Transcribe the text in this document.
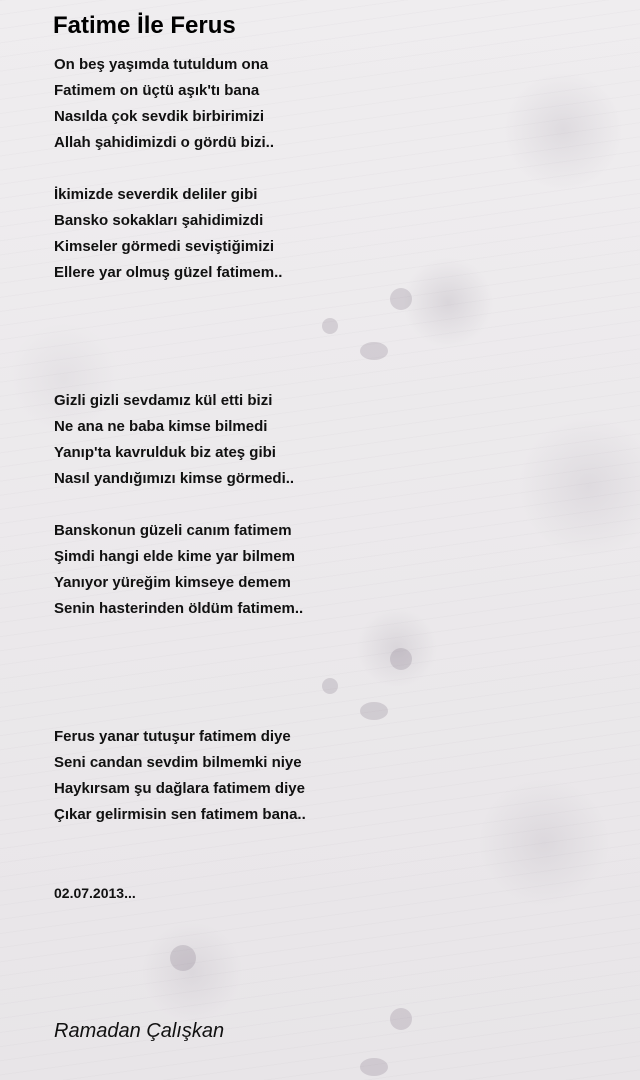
Fatime İle Ferus
On beş yaşımda tutuldum ona
Fatimem on üçtü aşık'tı bana
Nasılda çok sevdik birbirimizi
Allah şahidimizdi o gördü bizi..
İkimizde severdik deliler gibi
Bansko sokakları şahidimizdi
Kimseler görmedi seviştiğimizi
Ellere yar olmuş güzel fatimem..
Gizli gizli sevdamız kül etti bizi
Ne ana ne baba kimse bilmedi
Yanıp'ta kavrulduk biz ateş gibi
Nasıl yandığımızı kimse görmedi..
Banskonun güzeli canım fatimem
Şimdi hangi elde kime yar bilmem
Yanıyor yüreğim kimseye demem
Senin hasterinden öldüm fatimem..
Ferus yanar tutuşur fatimem diye
Seni candan sevdim bilmemki niye
Haykırsam şu dağlara fatimem diye
Çıkar gelirmisin sen fatimem bana..
02.07.2013...
Ramadan Çalışkan
